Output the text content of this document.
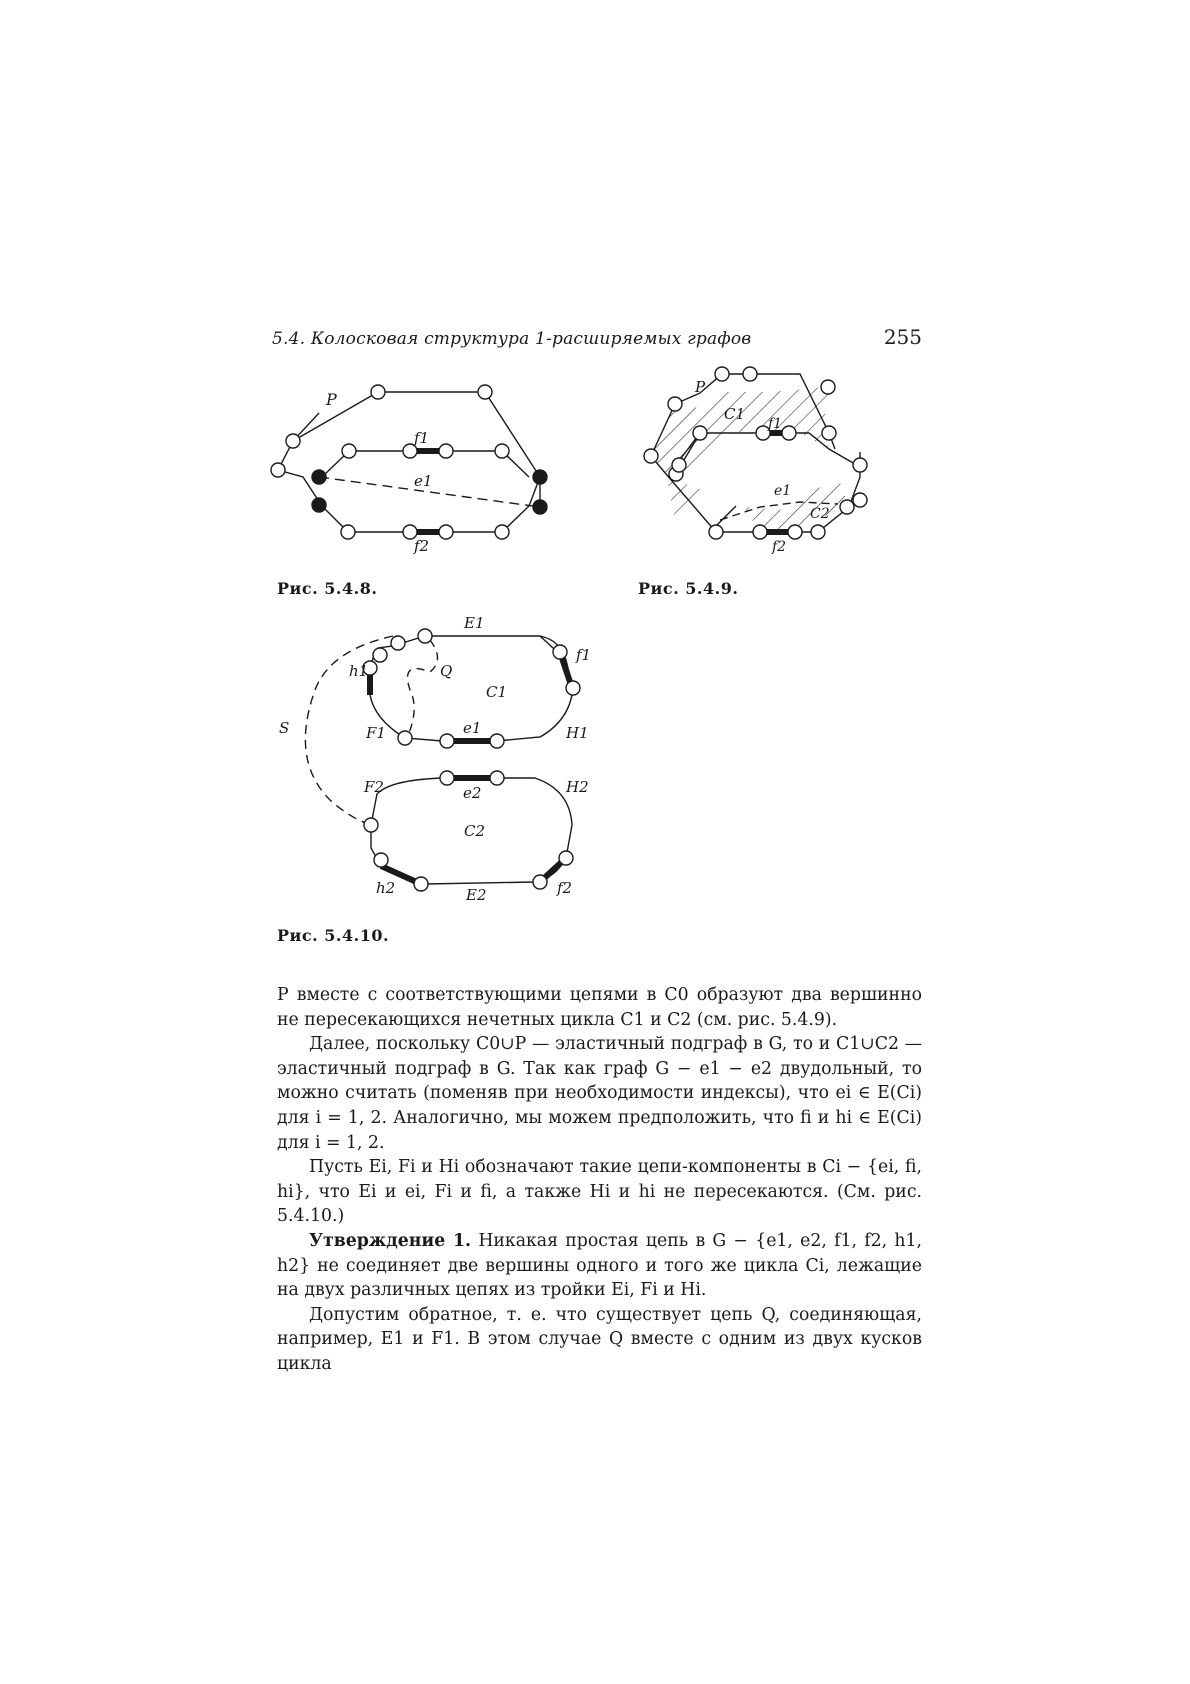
5.4. Колосковая структура 1-расширяемых графов	255
P
f1
e1
f2
Рис. 5.4.8.
P
C1
f1
e1
C2
f2
Рис. 5.4.9.
E1
f1
h1	Q
C1
S	F1	e1	H1
F2	e2	H2
C2
h2	E2	f2
Рис. 5.4.10.

P вместе с соответствующими цепями в C0 образуют два вершинно не пересекающихся нечетных цикла C1 и C2 (см. рис. 5.4.9).

Далее, поскольку C0∪P — эластичный подграф в G, то и C1∪C2 — эластичный подграф в G. Так как граф G − e1 − e2 двудольный, то можно считать (поменяв при необходимости индексы), что ei ∈ E(Ci) для i = 1, 2. Аналогично, мы можем предположить, что fi и hi ∈ E(Ci) для i = 1, 2.

Пусть Ei, Fi и Hi обозначают такие цепи-компоненты в Ci − {ei, fi, hi}, что Ei и ei, Fi и fi, а также Hi и hi не пересекаются. (См. рис. 5.4.10.)

Утверждение 1. Никакая простая цепь в G − {e1, e2, f1, f2, h1, h2} не соединяет две вершины одного и того же цикла Ci, лежащие на двух различных цепях из тройки Ei, Fi и Hi.

Допустим обратное, т. е. что существует цепь Q, соединяющая, например, E1 и F1. В этом случае Q вместе с одним из двух кусков цикла
